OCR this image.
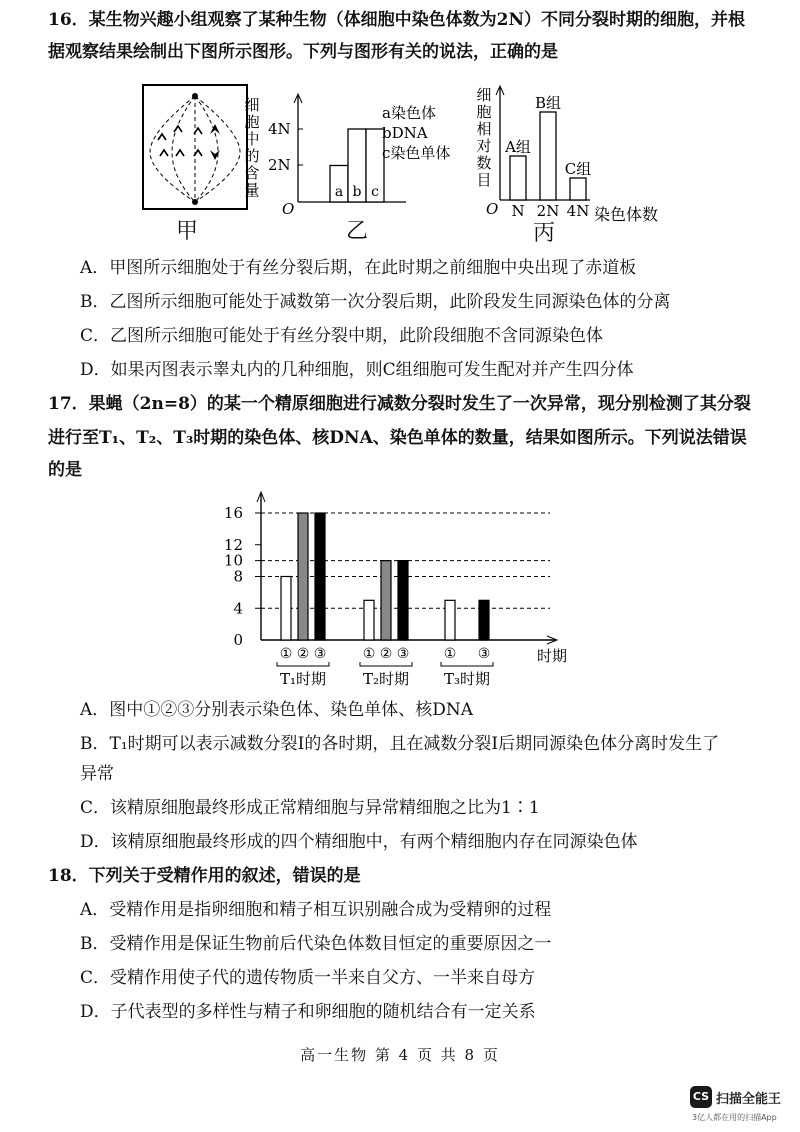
16．某生物兴趣小组观察了某种生物（体细胞中染色体数为2N）不同分裂时期的细胞，并根
据观察结果绘制出下图所示图形。下列与图形有关的说法，正确的是
甲
细
胞
中
的
含
量
O
4N
2N
a b c
a染色体
bDNA
c染色单体
乙
细
胞
相
对
数
目
O
A组
N
B组
2N
C组
4N 染色体数
丙
A．甲图所示细胞处于有丝分裂后期，在此时期之前细胞中央出现了赤道板
B．乙图所示细胞可能处于减数第一次分裂后期，此阶段发生同源染色体的分离
C．乙图所示细胞可能处于有丝分裂中期，此阶段细胞不含同源染色体
D．如果丙图表示睾丸内的几种细胞，则C组细胞可发生配对并产生四分体
17．果蝇（2n=8）的某一个精原细胞进行减数分裂时发生了一次异常，现分别检测了其分裂
进行至T₁、T₂、T₃时期的染色体、核DNA、染色单体的数量，结果如图所示。下列说法错误
的是
0
4
8
10
12
16
① ② ③
T₁时期
① ② ③
T₂时期
① ③
T₃时期
时期
A．图中①②③分别表示染色体、染色单体、核DNA
B．T₁时期可以表示减数分裂Ⅰ的各时期，且在减数分裂Ⅰ后期同源染色体分离时发生了
异常
C．该精原细胞最终形成正常精细胞与异常精细胞之比为1∶1
D．该精原细胞最终形成的四个精细胞中，有两个精细胞内存在同源染色体
18．下列关于受精作用的叙述，错误的是
A．受精作用是指卵细胞和精子相互识别融合成为受精卵的过程
B．受精作用是保证生物前后代染色体数目恒定的重要原因之一
C．受精作用使子代的遗传物质一半来自父方、一半来自母方
D．子代表型的多样性与精子和卵细胞的随机结合有一定关系
高一生物 第 4 页 共 8 页
CS 扫描全能王
3亿人都在用的扫描App
